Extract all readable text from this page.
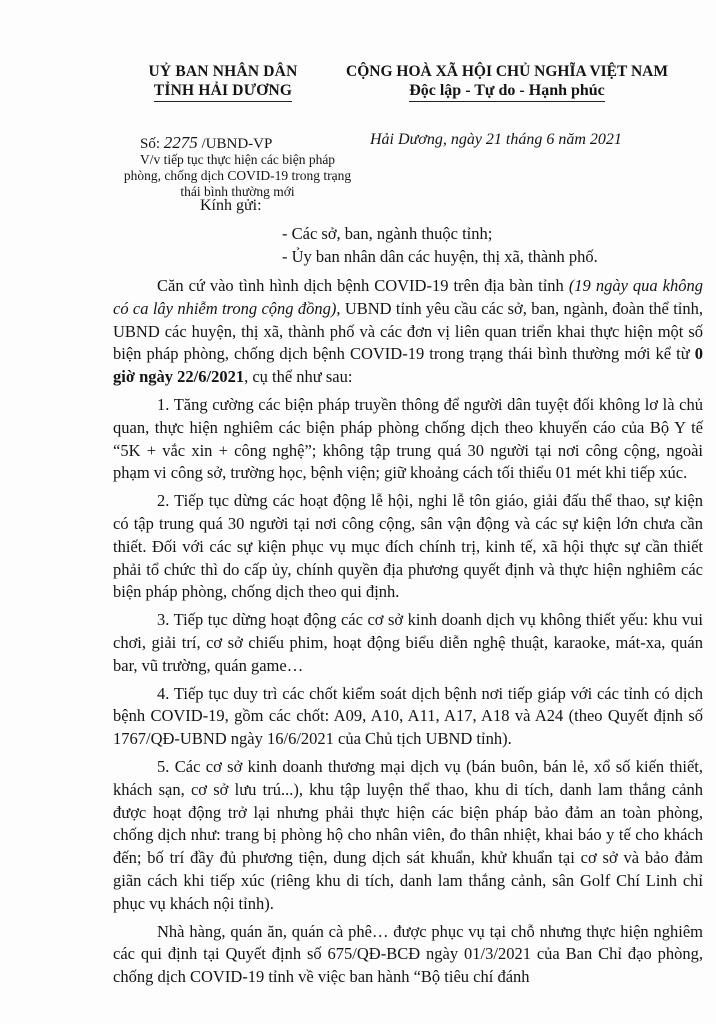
UỶ BAN NHÂN DÂN
TỈNH HẢI DƯƠNG
CỘNG HOÀ XÃ HỘI CHỦ NGHĨA VIỆT NAM
Độc lập - Tự do - Hạnh phúc
Số: 2275 /UBND-VP	Hải Dương, ngày 21 tháng 6 năm 2021
V/v tiếp tục thực hiện các biện pháp phòng, chống dịch COVID-19 trong trạng thái bình thường mới
Kính gửi:
- Các sở, ban, ngành thuộc tỉnh;
- Ủy ban nhân dân các huyện, thị xã, thành phố.

Căn cứ vào tình hình dịch bệnh COVID-19 trên địa bàn tỉnh (19 ngày qua không có ca lây nhiễm trong cộng đồng), UBND tỉnh yêu cầu các sở, ban, ngành, đoàn thể tỉnh, UBND các huyện, thị xã, thành phố và các đơn vị liên quan triển khai thực hiện một số biện pháp phòng, chống dịch bệnh COVID-19 trong trạng thái bình thường mới kể từ 0 giờ ngày 22/6/2021, cụ thể như sau:

1. Tăng cường các biện pháp truyền thông để người dân tuyệt đối không lơ là chủ quan, thực hiện nghiêm các biện pháp phòng chống dịch theo khuyến cáo của Bộ Y tế “5K + vắc xin + công nghệ”; không tập trung quá 30 người tại nơi công cộng, ngoài phạm vi công sở, trường học, bệnh viện; giữ khoảng cách tối thiểu 01 mét khi tiếp xúc.

2. Tiếp tục dừng các hoạt động lễ hội, nghi lễ tôn giáo, giải đấu thể thao, sự kiện có tập trung quá 30 người tại nơi công cộng, sân vận động và các sự kiện lớn chưa cần thiết. Đối với các sự kiện phục vụ mục đích chính trị, kinh tế, xã hội thực sự cần thiết phải tổ chức thì do cấp ủy, chính quyền địa phương quyết định và thực hiện nghiêm các biện pháp phòng, chống dịch theo qui định.

3. Tiếp tục dừng hoạt động các cơ sở kinh doanh dịch vụ không thiết yếu: khu vui chơi, giải trí, cơ sở chiếu phim, hoạt động biểu diễn nghệ thuật, karaoke, mát-xa, quán bar, vũ trường, quán game…

4. Tiếp tục duy trì các chốt kiểm soát dịch bệnh nơi tiếp giáp với các tỉnh có dịch bệnh COVID-19, gồm các chốt: A09, A10, A11, A17, A18 và A24 (theo Quyết định số 1767/QĐ-UBND ngày 16/6/2021 của Chủ tịch UBND tỉnh).

5. Các cơ sở kinh doanh thương mại dịch vụ (bán buôn, bán lẻ, xổ số kiến thiết, khách sạn, cơ sở lưu trú...), khu tập luyện thể thao, khu di tích, danh lam thắng cảnh được hoạt động trở lại nhưng phải thực hiện các biện pháp bảo đảm an toàn phòng, chống dịch như: trang bị phòng hộ cho nhân viên, đo thân nhiệt, khai báo y tế cho khách đến; bố trí đầy đủ phương tiện, dung dịch sát khuẩn, khử khuẩn tại cơ sở và bảo đảm giãn cách khi tiếp xúc (riêng khu di tích, danh lam thắng cảnh, sân Golf Chí Linh chỉ phục vụ khách nội tỉnh).

Nhà hàng, quán ăn, quán cà phê… được phục vụ tại chỗ nhưng thực hiện nghiêm các qui định tại Quyết định số 675/QĐ-BCĐ ngày 01/3/2021 của Ban Chỉ đạo phòng, chống dịch COVID-19 tỉnh về việc ban hành “Bộ tiêu chí đánh
